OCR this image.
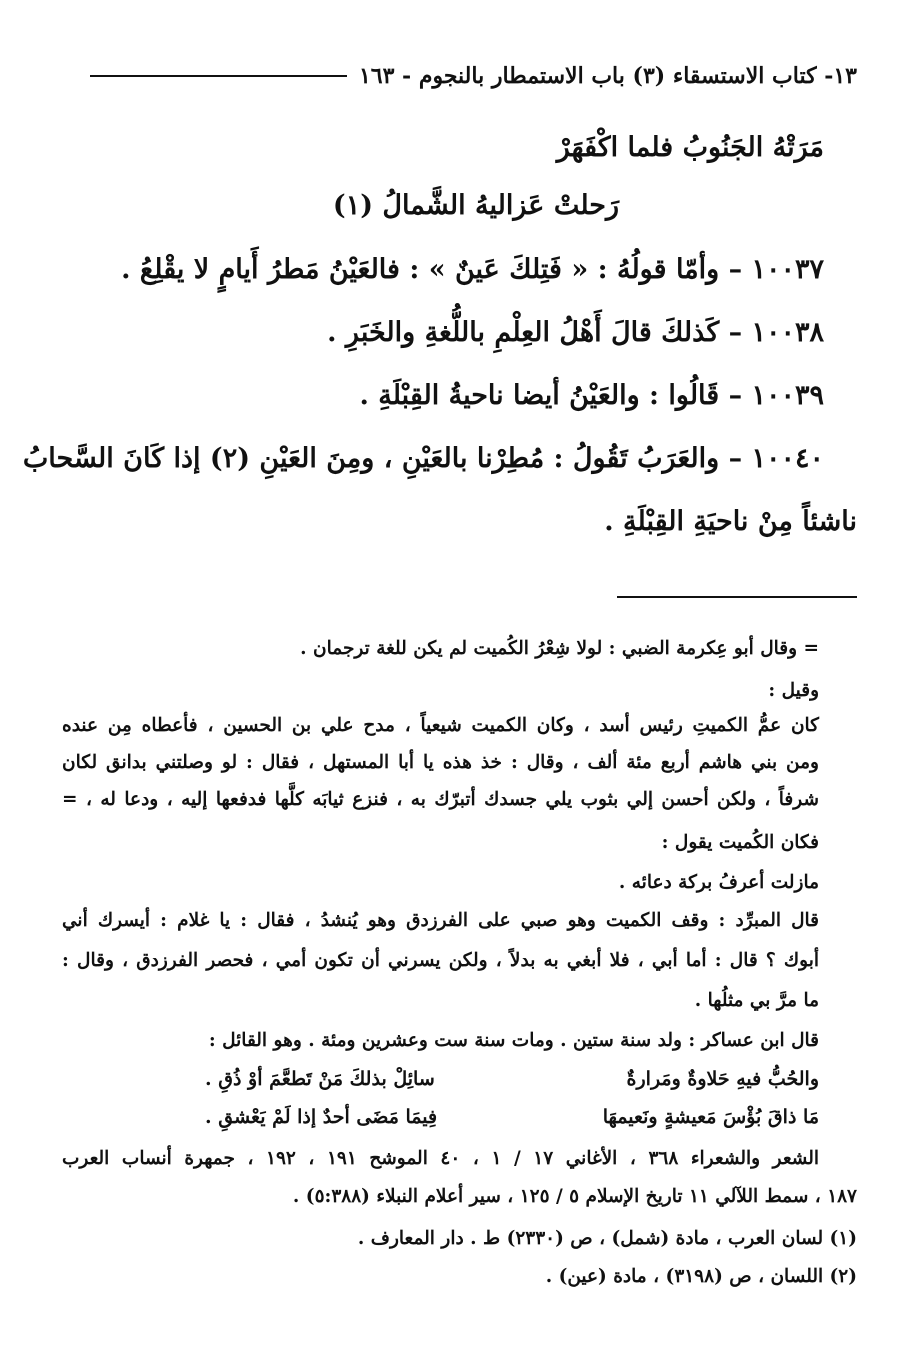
١٣- كتاب الاستسقاء (٣) باب الاستمطار بالنجوم - ١٦٣
مَرَتْهُ الجَنُوبُ فلما اكْفَهَرْ
رَحلتْ عَزاليهُ الشَّمالُ (١)
١٠٠٣٧ – وأمّا قولُهُ : « فَتِلكَ عَينٌ » : فالعَيْنُ مَطرُ أَيامٍ لا يقْلِعُ .
١٠٠٣٨ – كَذلكَ قالَ أَهْلُ العِلْمِ باللُّغةِ والخَبَرِ .
١٠٠٣٩ – قَالُوا : والعَيْنُ أيضا ناحيةُ القِبْلَةِ .
١٠٠٤٠ – والعَرَبُ تَقُولُ : مُطِرْنا بالعَيْنِ ، ومِنَ العَيْنِ (٢) إذا كَانَ السَّحابُ
ناشئاً مِنْ ناحيَةِ القِبْلَةِ .
= وقال أبو عِكرمة الضبي : لولا شِعْرُ الكُميت لم يكن للغة ترجمان .
وقيل :
كان عمُّ الكميتِ رئيس أسد ، وكان الكميت شيعياً ، مدح علي بن الحسين ، فأعطاه مِن عنده
ومن بني هاشم أربع مئة ألف ، وقال : خذ هذه يا أبا المستهل ، فقال : لو وصلتني بدانق لكان
شرفاً ، ولكن أحسن إلي بثوب يلي جسدك أتبرّك به ، فنزع ثيابَه كلَّها فدفعها إليه ، ودعا له ، =
فكان الكُميت يقول :
مازلت أعرفُ بركة دعائه .
قال المبرِّد : وقف الكميت وهو صبي على الفرزدق وهو يُنشدُ ، فقال : يا غلام : أيسرك أني
أبوك ؟ قال : أما أبي ، فلا أبغي به بدلاً ، ولكن يسرني أن تكون أمي ، فحصر الفرزدق ، وقال :
ما مرَّ بي مثلُها .
قال ابن عساكر : ولد سنة ستين . ومات سنة ست وعشرين ومئة . وهو القائل :
والحُبُّ فيهِ حَلاوةٌ ومَرارةٌ
سائِلْ بذلكَ مَنْ تَطعَّمَ أوْ ذُقِ .
مَا ذاقَ بُؤْسَ مَعيشةٍ ونَعيمهَا
فِيمَا مَضَى أحدٌ إذا لَمْ يَعْشقِ .
الشعر والشعراء ٣٦٨ ، الأغاني ١٧ / ١ ، ٤٠ الموشح ١٩١ ، ١٩٢ ، جمهرة أنساب العرب
١٨٧ ، سمط اللآلي ١١ تاريخ الإسلام ٥ / ١٢٥ ، سير أعلام النبلاء (٥:٣٨٨) .
(١) لسان العرب ، مادة (شمل) ، ص (٢٣٣٠) ط . دار المعارف .
(٢) اللسان ، ص (٣١٩٨) ، مادة (عين) .
